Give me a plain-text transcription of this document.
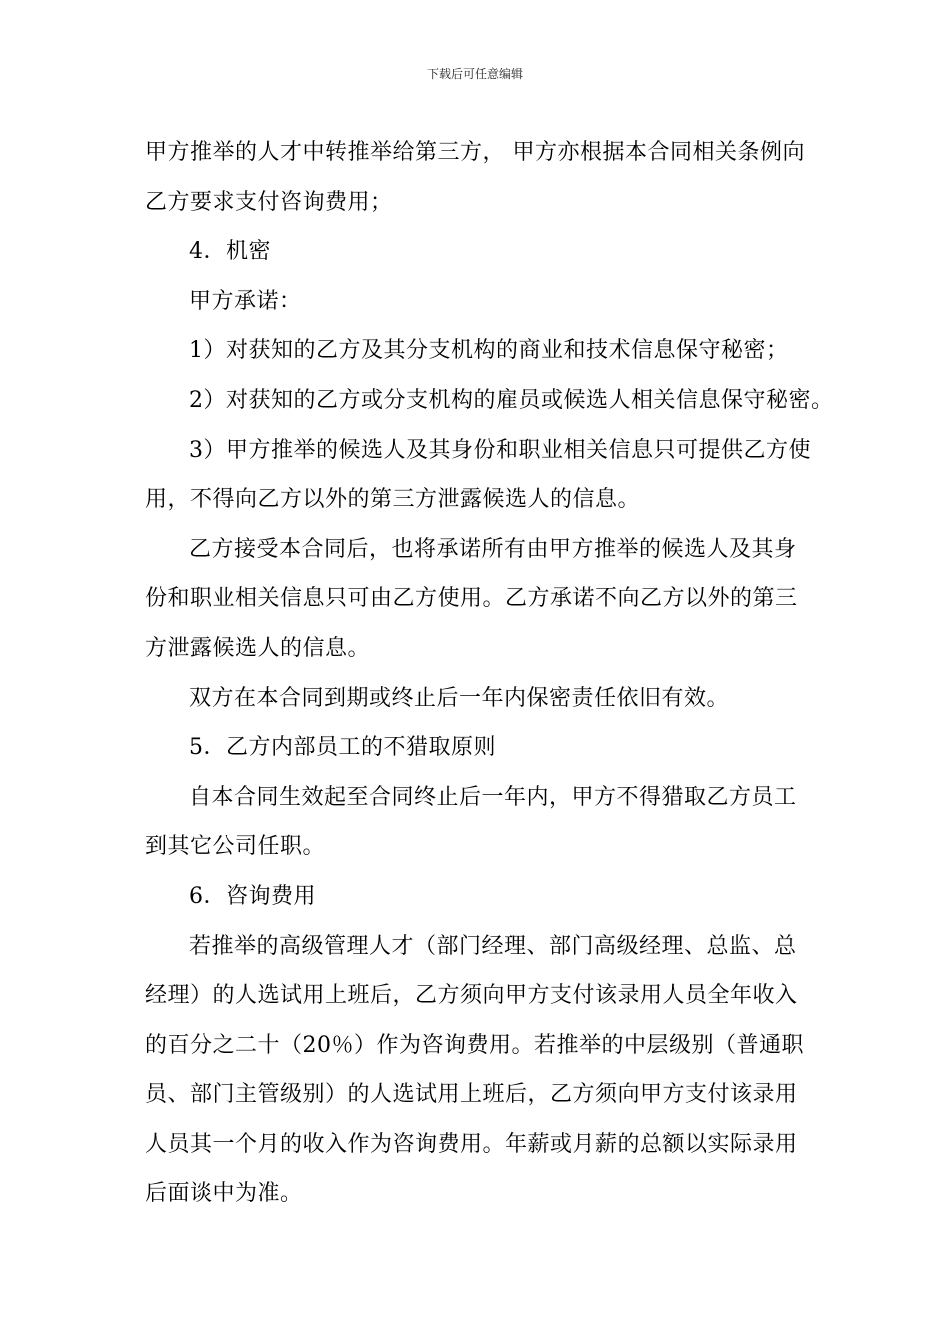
下载后可任意编辑
甲方推举的人才中转推举给第三方， 甲方亦根据本合同相关条例向
乙方要求支付咨询费用；
4．机密
甲方承诺：
1）对获知的乙方及其分支机构的商业和技术信息保守秘密；
2）对获知的乙方或分支机构的雇员或候选人相关信息保守秘密。
3）甲方推举的候选人及其身份和职业相关信息只可提供乙方使
用，不得向乙方以外的第三方泄露候选人的信息。
乙方接受本合同后，也将承诺所有由甲方推举的候选人及其身
份和职业相关信息只可由乙方使用。乙方承诺不向乙方以外的第三
方泄露候选人的信息。
双方在本合同到期或终止后一年内保密责任依旧有效。
5．乙方内部员工的不猎取原则
自本合同生效起至合同终止后一年内，甲方不得猎取乙方员工
到其它公司任职。
6．咨询费用
若推举的高级管理人才（部门经理、部门高级经理、总监、总
经理）的人选试用上班后，乙方须向甲方支付该录用人员全年收入
的百分之二十（20％）作为咨询费用。若推举的中层级别（普通职
员、部门主管级别）的人选试用上班后，乙方须向甲方支付该录用
人员其一个月的收入作为咨询费用。年薪或月薪的总额以实际录用
后面谈中为准。
